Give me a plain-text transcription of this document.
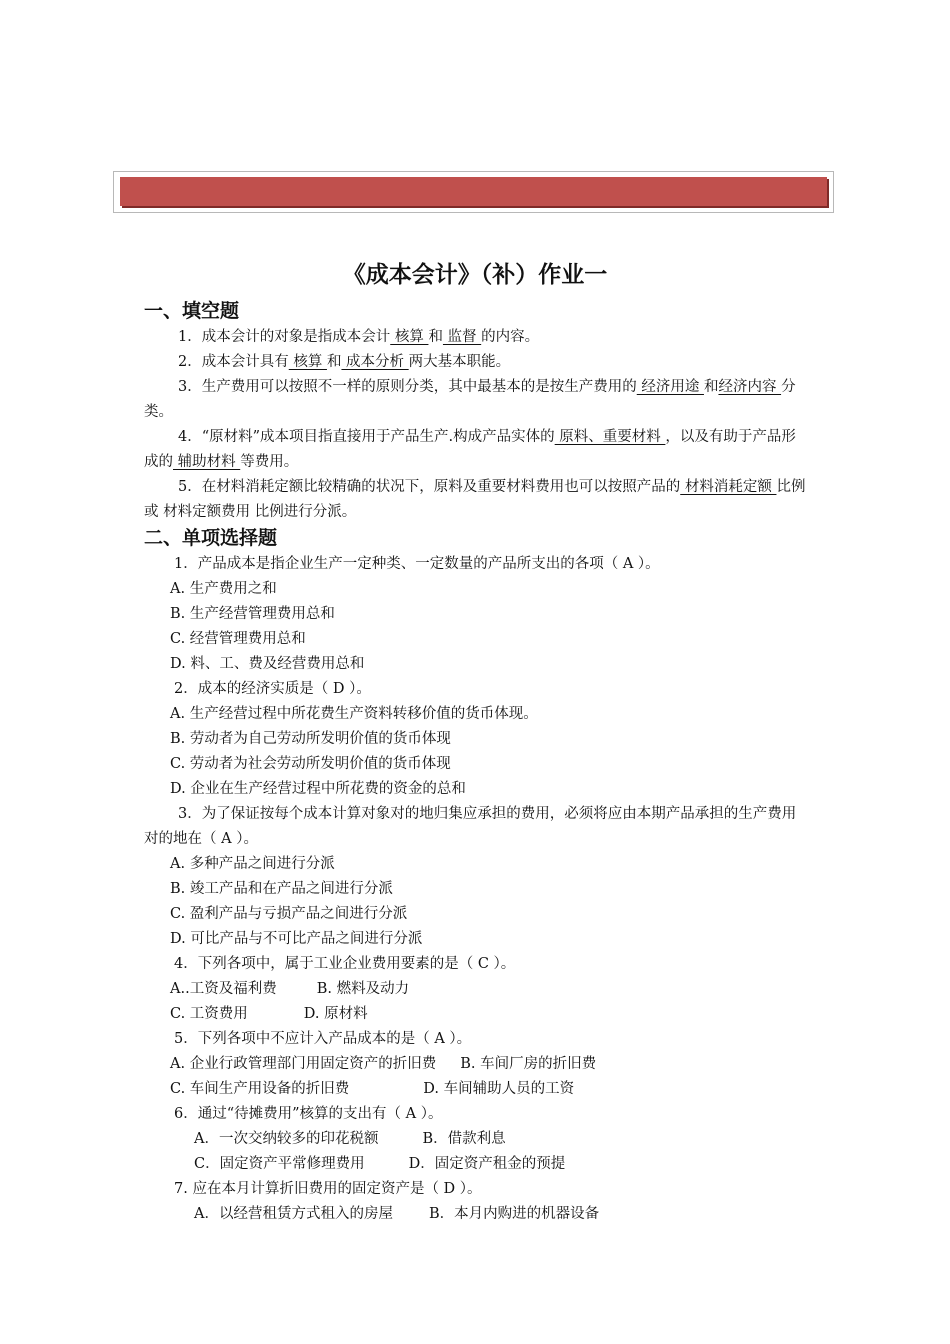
《成本会计》（补）作业一
一、填空题

1．成本会计的对象是指成本会计 核算 和 监督 的内容。

2．成本会计具有 核算 和 成本分析 两大基本职能。

3．生产费用可以按照不一样的原则分类，其中最基本的是按生产费用的 经济用途 和经济内容 分类。

4．“原材料”成本项目指直接用于产品生产.构成产品实体的 原料、重要材料 ，以及有助于产品形成的 辅助材料 等费用。

5．在材料消耗定额比较精确的状况下，原料及重要材料费用也可以按照产品的 材料消耗定额 比例或 材料定额费用 比例进行分派。

二、单项选择题

1．产品成本是指企业生产一定种类、一定数量的产品所支出的各项（ A ）。

A. 生产费用之和

B. 生产经营管理费用总和

C. 经营管理费用总和

D. 料、工、费及经营费用总和

2．成本的经济实质是（ D ）。

A. 生产经营过程中所花费生产资料转移价值的货币体现。

B. 劳动者为自己劳动所发明价值的货币体现

C. 劳动者为社会劳动所发明价值的货币体现

D. 企业在生产经营过程中所花费的资金的总和

3．为了保证按每个成本计算对象对的地归集应承担的费用，必须将应由本期产品承担的生产费用对的地在（ A ）。

A. 多种产品之间进行分派

B. 竣工产品和在产品之间进行分派

C. 盈利产品与亏损产品之间进行分派

D. 可比产品与不可比产品之间进行分派

4．下列各项中，属于工业企业费用要素的是（ C ）。

A..工资及福利费	B. 燃料及动力

C. 工资费用	D. 原材料

5．下列各项中不应计入产品成本的是（ A ）。

A. 企业行政管理部门用固定资产的折旧费 B. 车间厂房的折旧费

C. 车间生产用设备的折旧费	D. 车间辅助人员的工资

6．通过“待摊费用”核算的支出有（ A ）。

A．一次交纳较多的印花税额	B．借款利息

C．固定资产平常修理费用	D．固定资产租金的预提

7. 应在本月计算折旧费用的固定资产是（ D ）。

A．以经营租赁方式租入的房屋 B．本月内购进的机器设备
